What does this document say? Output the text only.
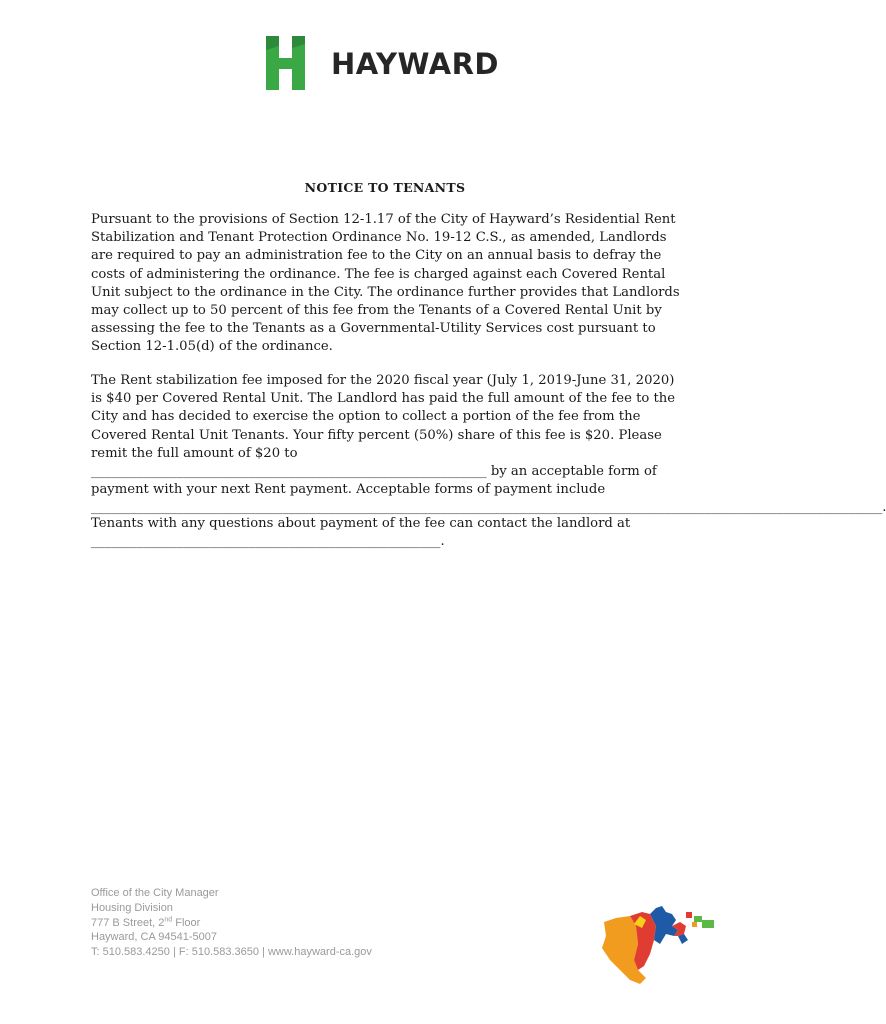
HAYWARD
NOTICE TO TENANTS

Pursuant to the provisions of Section 12-1.17 of the City of Hayward’s Residential Rent Stabilization and Tenant Protection Ordinance No. 19-12 C.S., as amended, Landlords are required to pay an administration fee to the City on an annual basis to defray the costs of administering the ordinance. The fee is charged against each Covered Rental Unit subject to the ordinance in the City. The ordinance further provides that Landlords may collect up to 50 percent of this fee from the Tenants of a Covered Rental Unit by assessing the fee to the Tenants as a Governmental-Utility Services cost pursuant to Section 12-1.05(d) of the ordinance.

The Rent stabilization fee imposed for the 2020 fiscal year (July 1, 2019-June 31, 2020) is $40 per Covered Rental Unit. The Landlord has paid the full amount of the fee to the City and has decided to exercise the option to collect a portion of the fee from the Covered Rental Unit Tenants. Your fifty percent (50%) share of this fee is $20. Please remit the full amount of $20 to ____________________________________________________________ by an acceptable form of payment with your next Rent payment. Acceptable forms of payment include
________________________________________________________________________________________________________________________

Tenants with any questions about payment of the fee can contact the landlord at
_____________________________________________________.

Office of the City Manager
Housing Division
777 B Street, 2nd Floor
Hayward, CA 94541-5007
T: 510.583.4250 | F: 510.583.3650 | www.hayward-ca.gov
